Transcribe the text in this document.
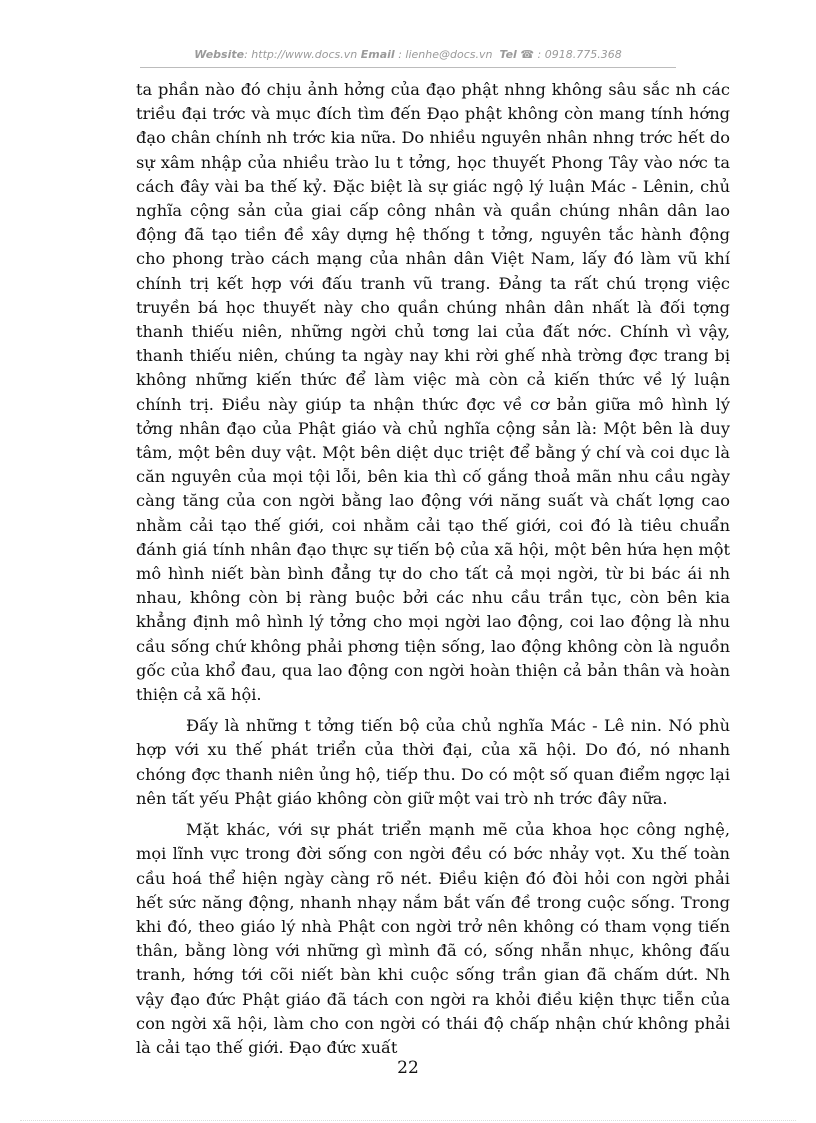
Website: http://www.docs.vn Email : lienhe@docs.vn Tel ☎ : 0918.775.368

ta phần nào đó chịu ảnh hởng của đạo phật nhng không sâu sắc nh các triều đại trớc và mục đích tìm đến Đạo phật không còn mang tính hớng đạo chân chính nh trớc kia nữa. Do nhiều nguyên nhân nhng trớc hết do sự xâm nhập của nhiều trào lu t tởng, học thuyết Phong Tây vào nớc ta cách đây vài ba thế kỷ. Đặc biệt là sự giác ngộ lý luận Mác - Lênin, chủ nghĩa cộng sản của giai cấp công nhân và quần chúng nhân dân lao động đã tạo tiền đề xây dựng hệ thống t tởng, nguyên tắc hành động cho phong trào cách mạng của nhân dân Việt Nam, lấy đó làm vũ khí chính trị kết hợp với đấu tranh vũ trang. Đảng ta rất chú trọng việc truyền bá học thuyết này cho quần chúng nhân dân nhất là đối tợng thanh thiếu niên, những ngời chủ tơng lai của đất nớc. Chính vì vậy, thanh thiếu niên, chúng ta ngày nay khi rời ghế nhà trờng đợc trang bị không những kiến thức để làm việc mà còn cả kiến thức về lý luận chính trị. Điều này giúp ta nhận thức đợc về cơ bản giữa mô hình lý tởng nhân đạo của Phật giáo và chủ nghĩa cộng sản là: Một bên là duy tâm, một bên duy vật. Một bên diệt dục triệt để bằng ý chí và coi dục là căn nguyên của mọi tội lỗi, bên kia thì cố gắng thoả mãn nhu cầu ngày càng tăng của con ngời bằng lao động với năng suất và chất lợng cao nhằm cải tạo thế giới, coi nhằm cải tạo thế giới, coi đó là tiêu chuẩn đánh giá tính nhân đạo thực sự tiến bộ của xã hội, một bên hứa hẹn một mô hình niết bàn bình đẳng tự do cho tất cả mọi ngời, từ bi bác ái nh nhau, không còn bị ràng buộc bởi các nhu cầu trần tục, còn bên kia khẳng định mô hình lý tởng cho mọi ngời lao động, coi lao động là nhu cầu sống chứ không phải phơng tiện sống, lao động không còn là nguồn gốc của khổ đau, qua lao động con ngời hoàn thiện cả bản thân và hoàn thiện cả xã hội.

Đấy là những t tởng tiến bộ của chủ nghĩa Mác - Lê nin. Nó phù hợp với xu thế phát triển của thời đại, của xã hội. Do đó, nó nhanh chóng đợc thanh niên ủng hộ, tiếp thu. Do có một số quan điểm ngợc lại nên tất yếu Phật giáo không còn giữ một vai trò nh trớc đây nữa.

Mặt khác, với sự phát triển mạnh mẽ của khoa học công nghệ, mọi lĩnh vực trong đời sống con ngời đều có bớc nhảy vọt. Xu thế toàn cầu hoá thể hiện ngày càng rõ nét. Điều kiện đó đòi hỏi con ngời phải hết sức năng động, nhanh nhạy nắm bắt vấn đề trong cuộc sống. Trong khi đó, theo giáo lý nhà Phật con ngời trở nên không có tham vọng tiến thân, bằng lòng với những gì mình đã có, sống nhẫn nhục, không đấu tranh, hớng tới cõi niết bàn khi cuộc sống trần gian đã chấm dứt. Nh vậy đạo đức Phật giáo đã tách con ngời ra khỏi điều kiện thực tiễn của con ngời xã hội, làm cho con ngời có thái độ chấp nhận chứ không phải là cải tạo thế giới. Đạo đức xuất

22
